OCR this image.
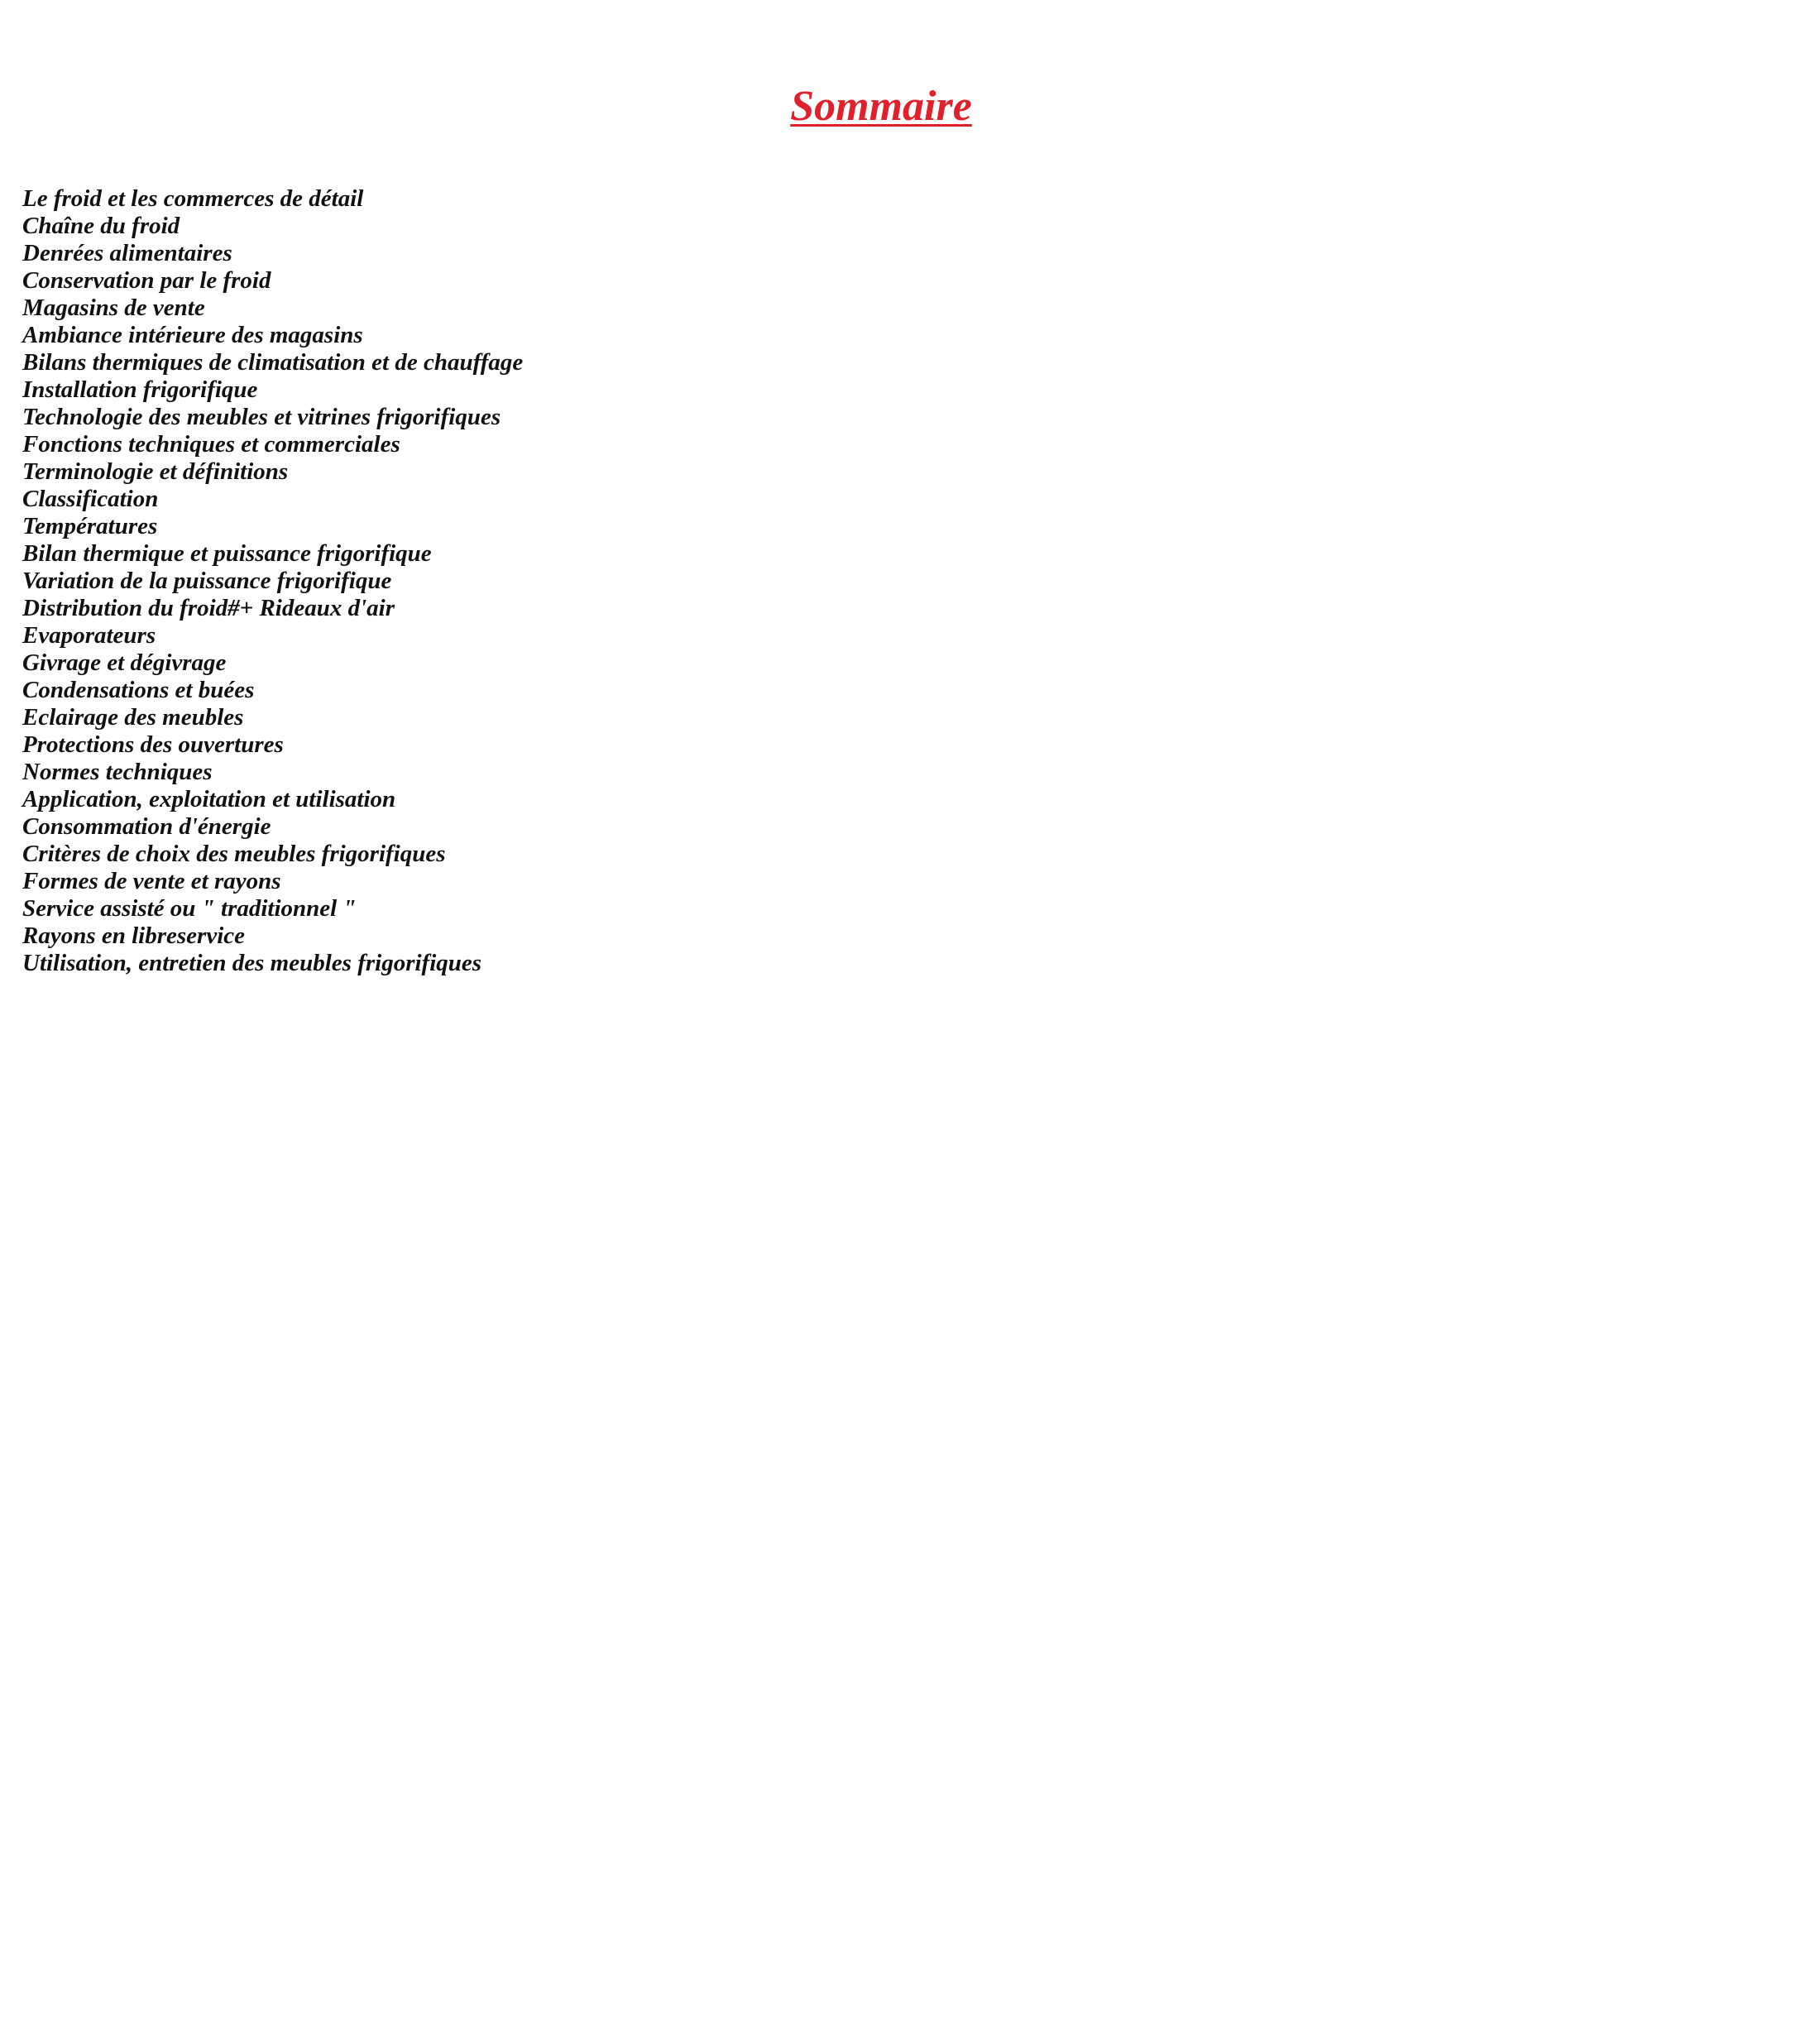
Sommaire
Le froid et les commerces de détail
Chaîne du froid
Denrées alimentaires
Conservation par le froid
Magasins de vente
Ambiance intérieure des magasins
Bilans thermiques de climatisation et de chauffage
Installation frigorifique
Technologie des meubles et vitrines frigorifiques
Fonctions techniques et commerciales
Terminologie et définitions
Classification
Températures
Bilan thermique et puissance frigorifique
Variation de la puissance frigorifique
Distribution du froid#+ Rideaux d'air
Evaporateurs
Givrage et dégivrage
Condensations et buées
Eclairage des meubles
Protections des ouvertures
Normes techniques
Application, exploitation et utilisation
Consommation d'énergie
Critères de choix des meubles frigorifiques
Formes de vente et rayons
Service assisté ou " traditionnel "
Rayons en libreservice
Utilisation, entretien des meubles frigorifiques
